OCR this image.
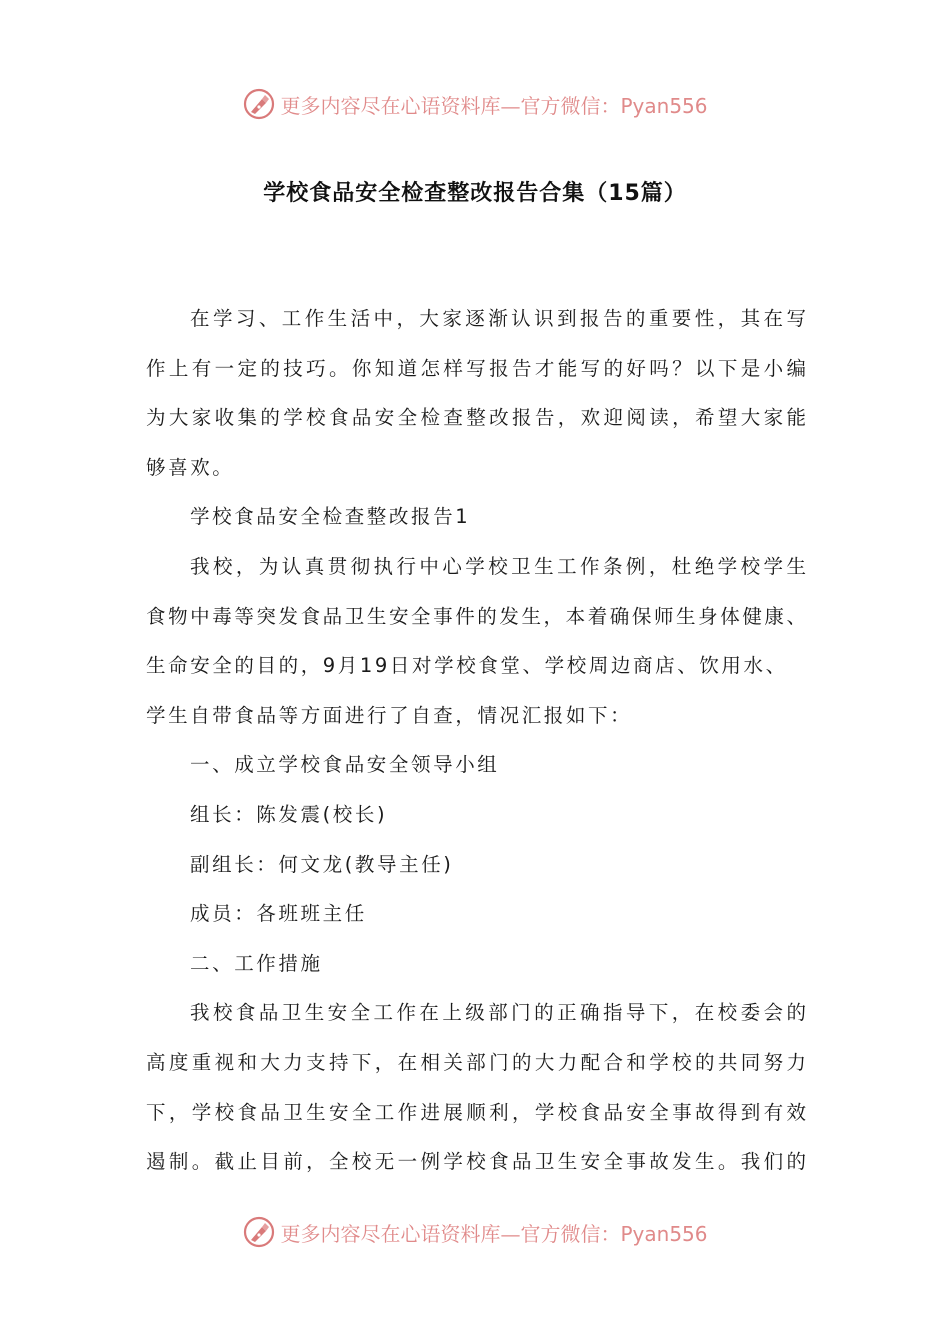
更多内容尽在心语资料库—官方微信：Pyan556
学校食品安全检查整改报告合集（15篇）
在学习、工作生活中，大家逐渐认识到报告的重要性，其在写
作上有一定的技巧。你知道怎样写报告才能写的好吗？以下是小编
为大家收集的学校食品安全检查整改报告，欢迎阅读，希望大家能
够喜欢。
学校食品安全检查整改报告1
我校，为认真贯彻执行中心学校卫生工作条例，杜绝学校学生
食物中毒等突发食品卫生安全事件的发生，本着确保师生身体健康、
生命安全的目的，9月19日对学校食堂、学校周边商店、饮用水、
学生自带食品等方面进行了自查，情况汇报如下：
一、成立学校食品安全领导小组
组长：陈发震(校长)
副组长：何文龙(教导主任)
成员：各班班主任
二、工作措施
我校食品卫生安全工作在上级部门的正确指导下，在校委会的
高度重视和大力支持下，在相关部门的大力配合和学校的共同努力
下，学校食品卫生安全工作进展顺利，学校食品安全事故得到有效
遏制。截止目前，全校无一例学校食品卫生安全事故发生。我们的
更多内容尽在心语资料库—官方微信：Pyan556
